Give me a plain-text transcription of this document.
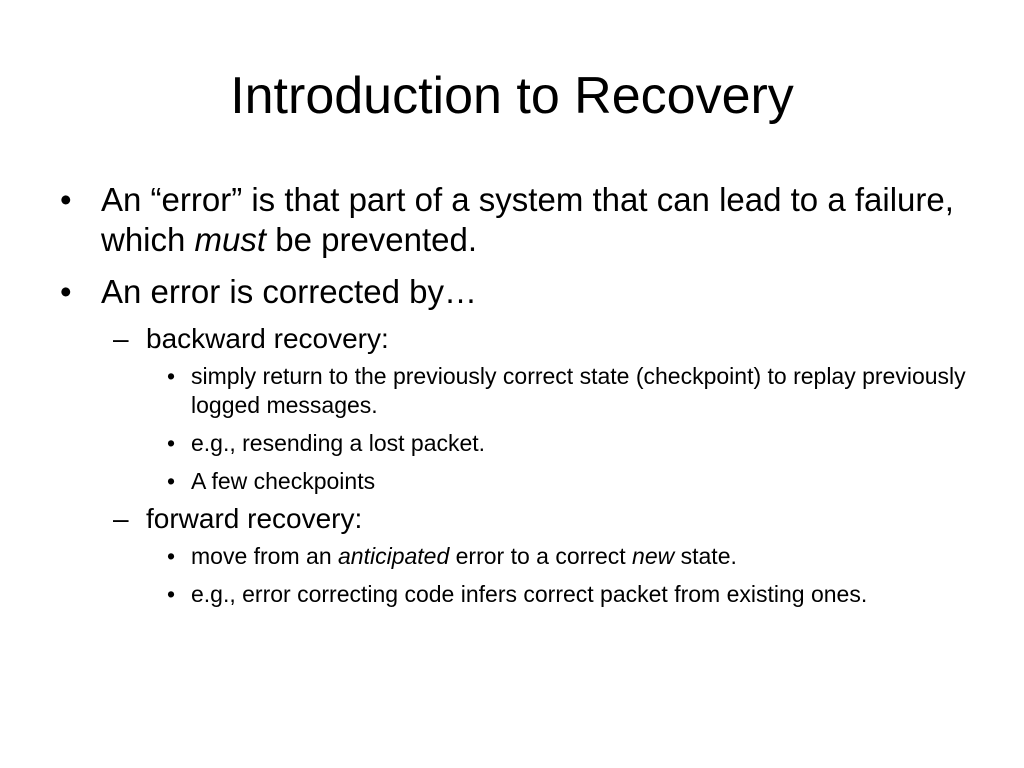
Introduction to Recovery
• An “error” is that part of a system that can lead to a failure, which must be prevented.
• An error is corrected by…
– backward recovery:
• simply return to the previously correct state (checkpoint) to replay previously logged messages.
• e.g., resending a lost packet.
• A few checkpoints
– forward recovery:
• move from an anticipated error to a correct new state.
• e.g., error correcting code infers correct packet from existing ones.
